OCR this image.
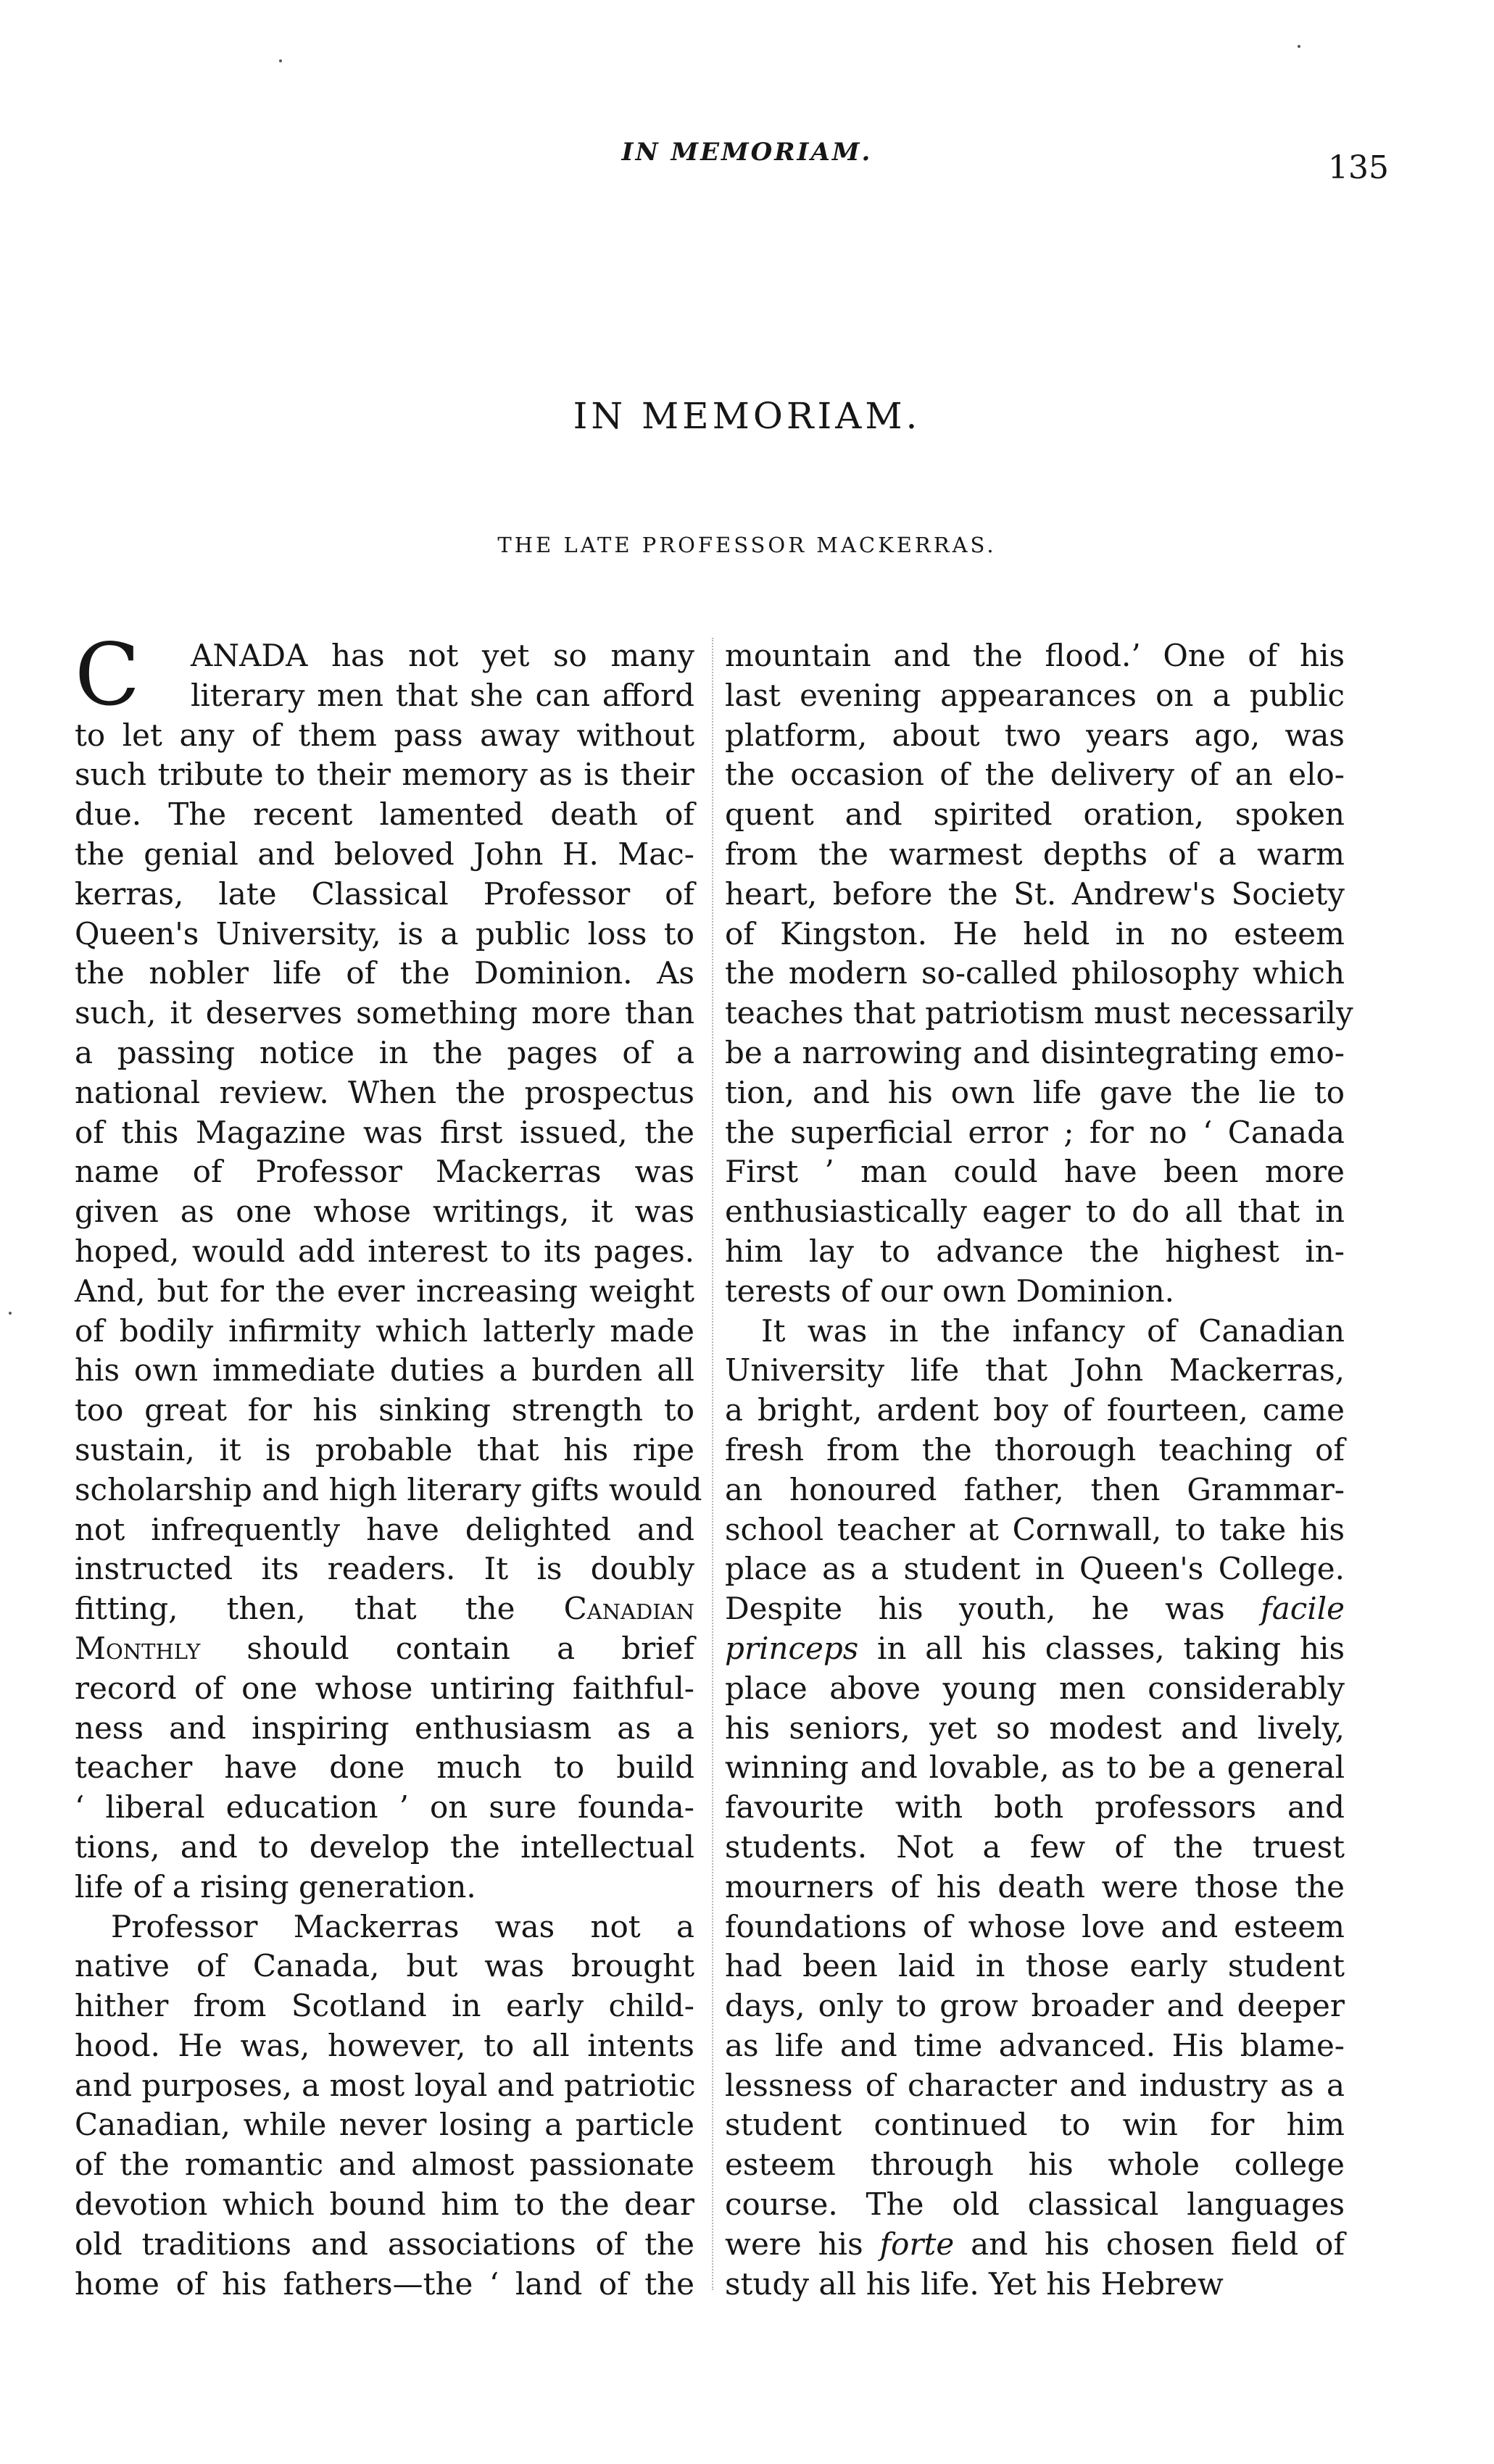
IN MEMORIAM.	135
IN MEMORIAM.
THE LATE PROFESSOR MACKERRAS.
C	ANADA has not yet so many
literary men that she can afford
to let any of them pass away without
such tribute to their memory as is their
due. The recent lamented death of
the genial and beloved John H. Mac-
kerras, late Classical Professor of
Queen's University, is a public loss to
the nobler life of the Dominion. As
such, it deserves something more than
a passing notice in the pages of a
national review. When the prospectus
of this Magazine was first issued, the
name of Professor Mackerras was
given as one whose writings, it was
hoped, would add interest to its pages.
And, but for the ever increasing weight
of bodily infirmity which latterly made
his own immediate duties a burden all
too great for his sinking strength to
sustain, it is probable that his ripe
scholarship and high literary gifts would
not infrequently have delighted and
instructed its readers. It is doubly
fitting, then, that the Canadian
Monthly should contain a brief
record of one whose untiring faithful-
ness and inspiring enthusiasm as a
teacher have done much to build
‘ liberal education ’ on sure founda-
tions, and to develop the intellectual
life of a rising generation.
Professor Mackerras was not a
native of Canada, but was brought
hither from Scotland in early child-
hood. He was, however, to all intents
and purposes, a most loyal and patriotic
Canadian, while never losing a particle
of the romantic and almost passionate
devotion which bound him to the dear
old traditions and associations of the
home of his fathers—the ‘ land of the
mountain and the flood.’ One of his
last evening appearances on a public
platform, about two years ago, was
the occasion of the delivery of an elo-
quent and spirited oration, spoken
from the warmest depths of a warm
heart, before the St. Andrew's Society
of Kingston. He held in no esteem
the modern so-called philosophy which
teaches that patriotism must necessarily
be a narrowing and disintegrating emo-
tion, and his own life gave the lie to
the superficial error ; for no ‘ Canada
First ’ man could have been more
enthusiastically eager to do all that in
him lay to advance the highest in-
terests of our own Dominion.
It was in the infancy of Canadian
University life that John Mackerras,
a bright, ardent boy of fourteen, came
fresh from the thorough teaching of
an honoured father, then Grammar-
school teacher at Cornwall, to take his
place as a student in Queen's College.
Despite his youth, he was facile
princeps in all his classes, taking his
place above young men considerably
his seniors, yet so modest and lively,
winning and lovable, as to be a general
favourite with both professors and
students. Not a few of the truest
mourners of his death were those the
foundations of whose love and esteem
had been laid in those early student
days, only to grow broader and deeper
as life and time advanced. His blame-
lessness of character and industry as a
student continued to win for him
esteem through his whole college
course. The old classical languages
were his forte and his chosen field of
study all his life. Yet his Hebrew
